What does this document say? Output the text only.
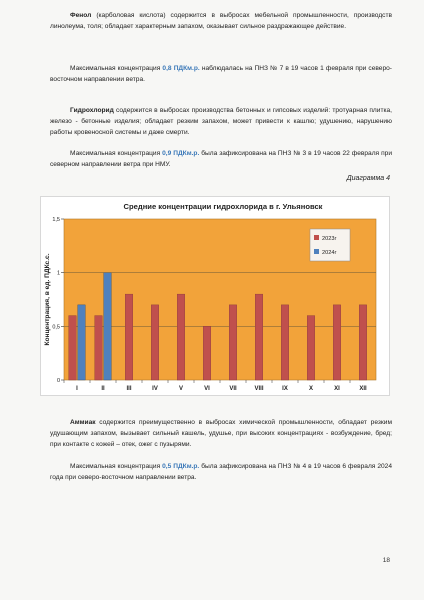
Фенол (карболовая кислота) содержится в выбросах мебельной промышленности, производств линолеума, толя; обладает характерным запахом, оказывает сильное раздражающее действие.

Максимальная концентрация 0,8 ПДКм.р. наблюдалась на ПНЗ № 7 в 19 часов 1 февраля при северо-восточном направлении ветра.

Гидрохлорид содержится в выбросах производства бетонных и гипсовых изделий: тротуарная плитка, железо - бетонные изделия; обладает резким запахом, может привести к кашлю; удушению, нарушению работы кровеносной системы и даже смерти.

Максимальная концентрация 0,9 ПДКм.р. была зафиксирована на ПНЗ № 3 в 19 часов 22 февраля при северном направлении ветра при НМУ.

Диаграмма 4
Средние концентрации гидрохлорида в г. Ульяновск
0
0,5
1
1,5
Концентрация, в ед. ПДКс.с.
I	II	III	IV	V	VI	VII	VIII	IX	X	XI	XII
2023г
2024г

Аммиак содержится преимущественно в выбросах химической промышленности, обладает резким удушающим запахом, вызывает сильный кашель, удушье, при высоких концентрациях - возбуждение, бред; при контакте с кожей – отек, ожег с пузырями.

Максимальная концентрация 0,5 ПДКм.р. была зафиксирована на ПНЗ № 4 в 19 часов 6 февраля 2024 года при северо-восточном направлении ветра.

18
